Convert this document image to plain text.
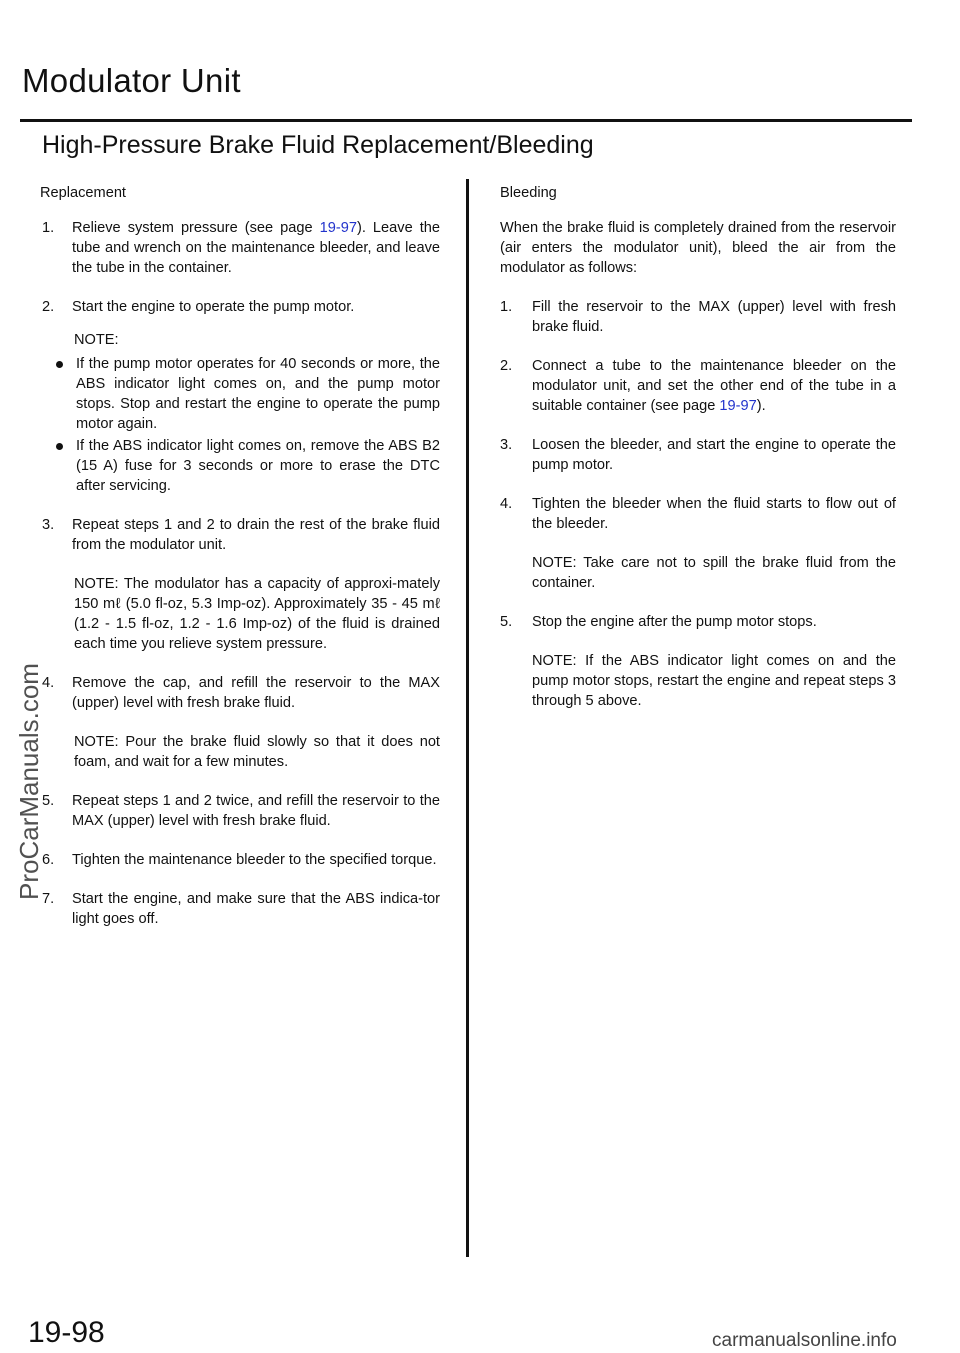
Modulator Unit
High-Pressure Brake Fluid Replacement/Bleeding
Replacement
1.	Relieve system pressure (see page 19-97). Leave the tube and wrench on the maintenance bleeder, and leave the tube in the container.
2.	Start the engine to operate the pump motor.
NOTE:
If the pump motor operates for 40 seconds or more, the ABS indicator light comes on, and the pump motor stops. Stop and restart the engine to operate the pump motor again.
If the ABS indicator light comes on, remove the ABS B2 (15 A) fuse for 3 seconds or more to erase the DTC after servicing.
3.	Repeat steps 1 and 2 to drain the rest of the brake fluid from the modulator unit.
NOTE: The modulator has a capacity of approxi-mately 150 mℓ (5.0 fl-oz, 5.3 Imp-oz). Approximately 35 - 45 mℓ (1.2 - 1.5 fl-oz, 1.2 - 1.6 Imp-oz) of the fluid is drained each time you relieve system pressure.
4.	Remove the cap, and refill the reservoir to the MAX (upper) level with fresh brake fluid.
NOTE: Pour the brake fluid slowly so that it does not foam, and wait for a few minutes.
5.	Repeat steps 1 and 2 twice, and refill the reservoir to the MAX (upper) level with fresh brake fluid.
6.	Tighten the maintenance bleeder to the specified torque.
7.	Start the engine, and make sure that the ABS indica-tor light goes off.
Bleeding
When the brake fluid is completely drained from the reservoir (air enters the modulator unit), bleed the air from the modulator as follows:
1.	Fill the reservoir to the MAX (upper) level with fresh brake fluid.
2.	Connect a tube to the maintenance bleeder on the modulator unit, and set the other end of the tube in a suitable container (see page 19-97).
3.	Loosen the bleeder, and start the engine to operate the pump motor.
4.	Tighten the bleeder when the fluid starts to flow out of the bleeder.
NOTE: Take care not to spill the brake fluid from the container.
5.	Stop the engine after the pump motor stops.
NOTE: If the ABS indicator light comes on and the pump motor stops, restart the engine and repeat steps 3 through 5 above.
ProCarManuals.com
19-98	carmanualsonline.info
